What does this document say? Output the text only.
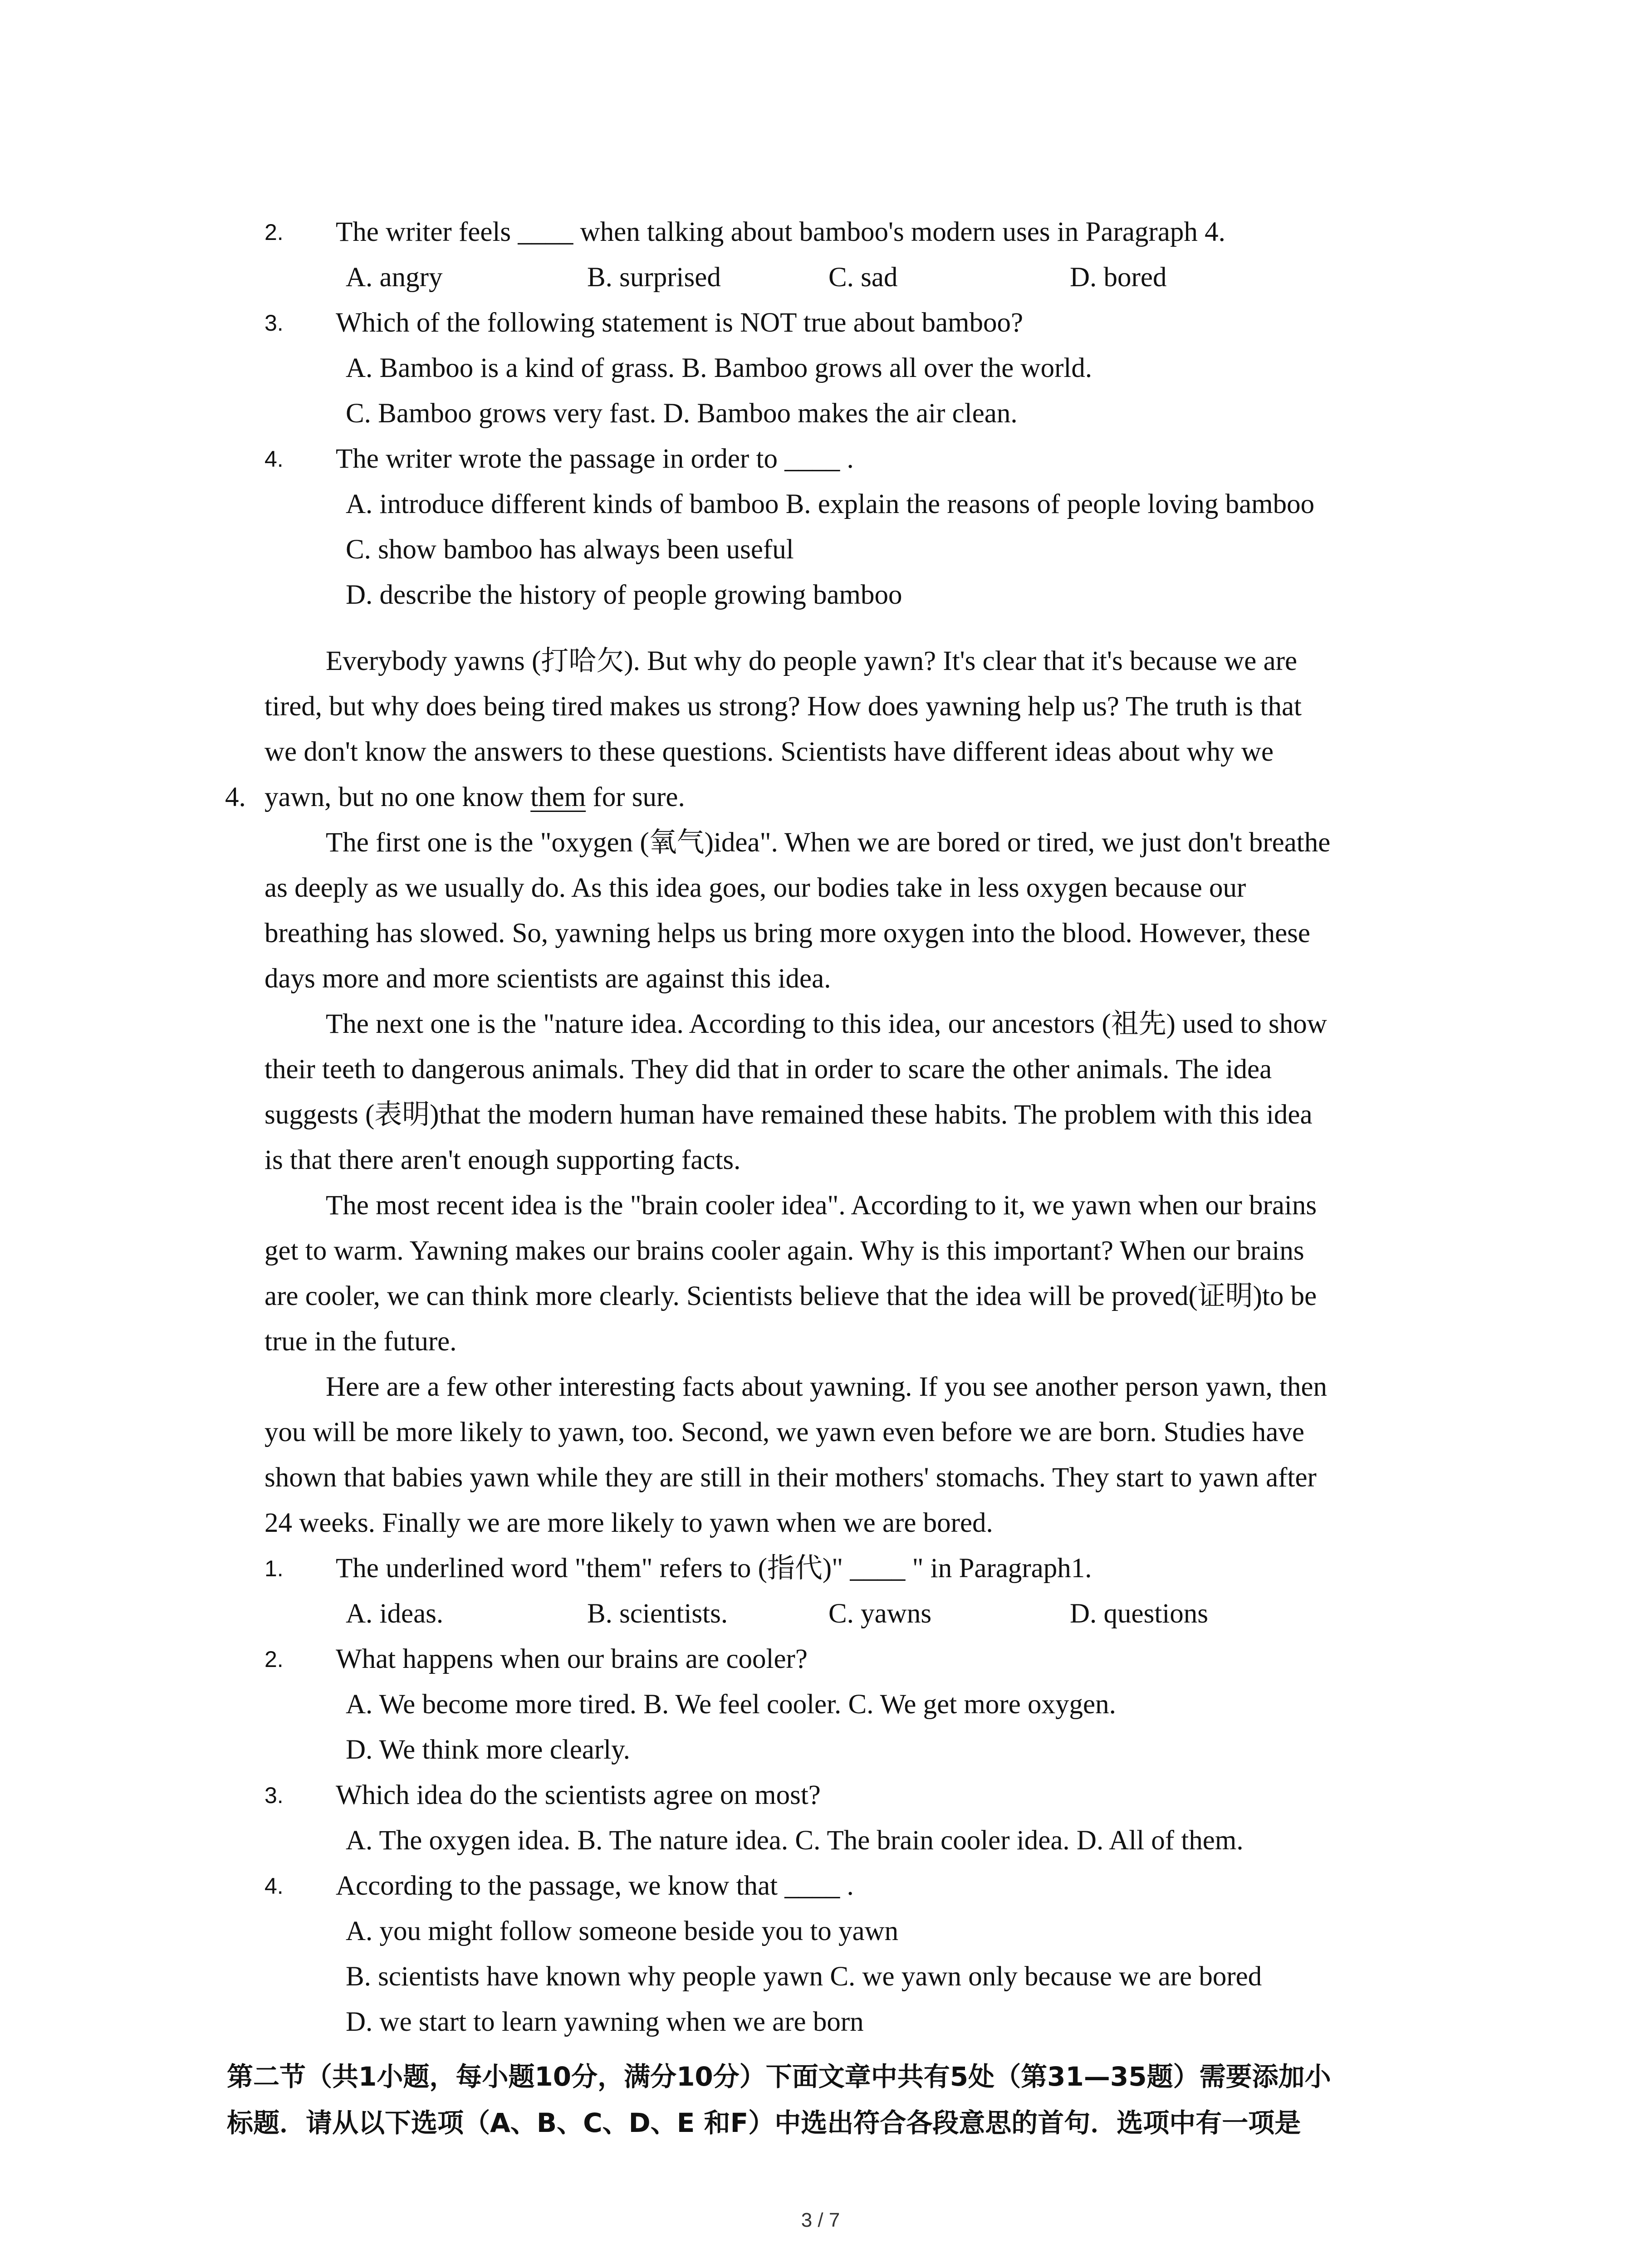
2. The writer feels ____ when talking about bamboo's modern uses in Paragraph 4.
A. angry	B. surprised	C. sad	D. bored
3. Which of the following statement is NOT true about bamboo?
A. Bamboo is a kind of grass. B. Bamboo grows all over the world.
C. Bamboo grows very fast. D. Bamboo makes the air clean.
4. The writer wrote the passage in order to ____ .
A. introduce different kinds of bamboo B. explain the reasons of people loving bamboo
C. show bamboo has always been useful
D. describe the history of people growing bamboo
Everybody yawns (打哈欠). But why do people yawn? It's clear that it's because we are
tired, but why does being tired makes us strong? How does yawning help us? The truth is that
we don't know the answers to these questions. Scientists have different ideas about why we
4. yawn, but no one know them for sure.
The first one is the "oxygen (氧气)idea". When we are bored or tired, we just don't breathe
as deeply as we usually do. As this idea goes, our bodies take in less oxygen because our
breathing has slowed. So, yawning helps us bring more oxygen into the blood. However, these
days more and more scientists are against this idea.
The next one is the "nature idea. According to this idea, our ancestors (祖先) used to show
their teeth to dangerous animals. They did that in order to scare the other animals. The idea
suggests (表明)that the modern human have remained these habits. The problem with this idea
is that there aren't enough supporting facts.
The most recent idea is the "brain cooler idea". According to it, we yawn when our brains
get to warm. Yawning makes our brains cooler again. Why is this important? When our brains
are cooler, we can think more clearly. Scientists believe that the idea will be proved(证明)to be
true in the future.
Here are a few other interesting facts about yawning. If you see another person yawn, then
you will be more likely to yawn, too. Second, we yawn even before we are born. Studies have
shown that babies yawn while they are still in their mothers' stomachs. They start to yawn after
24 weeks. Finally we are more likely to yawn when we are bored.
1. The underlined word "them" refers to (指代)" ____ " in Paragraph1.
A. ideas.	B. scientists.	C. yawns	D. questions
2. What happens when our brains are cooler?
A. We become more tired. B. We feel cooler. C. We get more oxygen.
D. We think more clearly.
3. Which idea do the scientists agree on most?
A. The oxygen idea. B. The nature idea. C. The brain cooler idea. D. All of them.
4. According to the passage, we know that ____ .
A. you might follow someone beside you to yawn
B. scientists have known why people yawn C. we yawn only because we are bored
D. we start to learn yawning when we are born
第二节（共1小题，每小题10分，满分10分）下面文章中共有5处（第31—35题）需要添加小
标题．请从以下选项（A、B、C、D、E 和F）中选出符合各段意思的首句．选项中有一项是
3 / 7
